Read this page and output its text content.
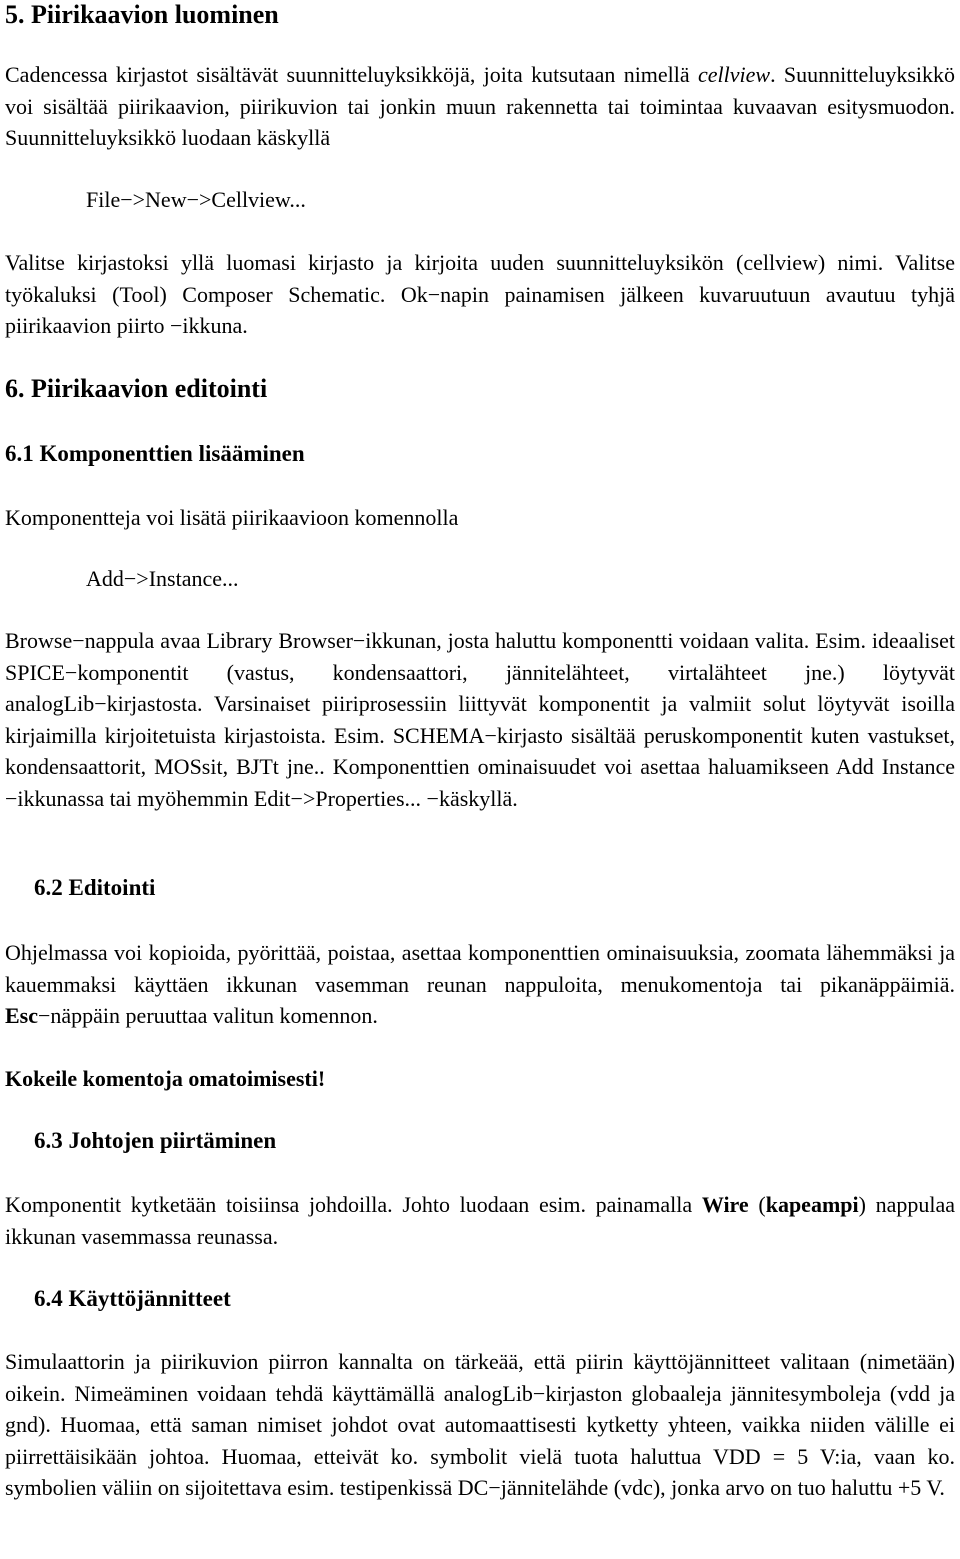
5. Piirikaavion luominen

Cadencessa kirjastot sisältävät suunnitteluyksikköjä, joita kutsutaan nimellä cellview. Suunnitteluyksikkö voi sisältää piirikaavion, piirikuvion tai jonkin muun rakennetta tai toimintaa kuvaavan esitysmuodon. Suunnitteluyksikkö luodaan käskyllä

File−>New−>Cellview...

Valitse kirjastoksi yllä luomasi kirjasto ja kirjoita uuden suunnitteluyksikön (cellview) nimi. Valitse työkaluksi (Tool) Composer Schematic. Ok−napin painamisen jälkeen kuvaruutuun avautuu tyhjä piirikaavion piirto −ikkuna.

6. Piirikaavion editointi
6.1 Komponenttien lisääminen

Komponentteja voi lisätä piirikaavioon komennolla

Add−>Instance...

Browse−nappula avaa Library Browser−ikkunan, josta haluttu komponentti voidaan valita. Esim. ideaaliset SPICE−komponentit (vastus, kondensaattori, jännitelähteet, virtalähteet jne.) löytyvät analogLib−kirjastosta. Varsinaiset piiriprosessiin liittyvät komponentit ja valmiit solut löytyvät isoilla kirjaimilla kirjoitetuista kirjastoista. Esim. SCHEMA−kirjasto sisältää peruskomponentit kuten vastukset, kondensaattorit, MOSsit, BJTt jne.. Komponenttien ominaisuudet voi asettaa haluamikseen Add Instance −ikkunassa tai myöhemmin Edit−>Properties... −käskyllä.

6.2 Editointi

Ohjelmassa voi kopioida, pyörittää, poistaa, asettaa komponenttien ominaisuuksia, zoomata lähemmäksi ja kauemmaksi käyttäen ikkunan vasemman reunan nappuloita, menukomentoja tai pikanäppäimiä. Esc−näppäin peruuttaa valitun komennon.

Kokeile komentoja omatoimisesti!

6.3 Johtojen piirtäminen

Komponentit kytketään toisiinsa johdoilla. Johto luodaan esim. painamalla Wire (kapeampi) nappulaa ikkunan vasemmassa reunassa.

6.4 Käyttöjännitteet

Simulaattorin ja piirikuvion piirron kannalta on tärkeää, että piirin käyttöjännitteet valitaan (nimetään) oikein. Nimeäminen voidaan tehdä käyttämällä analogLib−kirjaston globaaleja jännitesymboleja (vdd ja gnd). Huomaa, että saman nimiset johdot ovat automaattisesti kytketty yhteen, vaikka niiden välille ei piirrettäisikään johtoa. Huomaa, etteivät ko. symbolit vielä tuota haluttua VDD = 5 V:ia, vaan ko. symbolien väliin on sijoitettava esim. testipenkissä DC−jännitelähde (vdc), jonka arvo on tuo haluttu +5 V.
